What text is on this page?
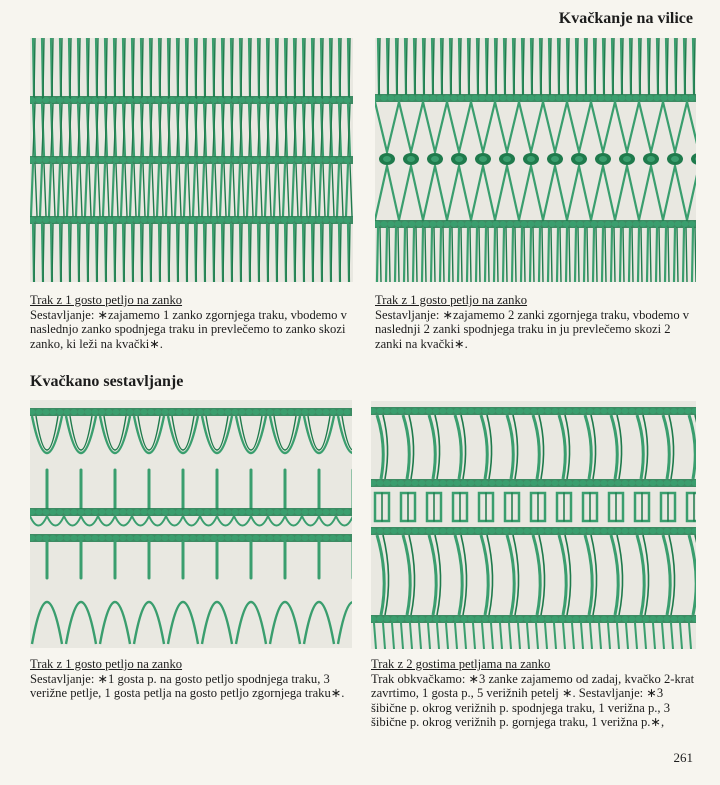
Kvačkanje na vilice
Trak z 1 gosto petljo na zanko
Sestavljanje: ∗zajamemo 1 zanko zgornjega traku, vbodemo v naslednjo zanko spodnjega traku in prevlečemo to zanko skozi zanko, ki leži na kvački∗.
Trak z 1 gosto petljo na zanko
Sestavljanje: ∗zajamemo 2 zanki zgornjega traku, vbodemo v naslednji 2 zanki spodnjega traku in ju prevlečemo skozi 2 zanki na kvački∗.
Kvačkano sestavljanje
Trak z 1 gosto petljo na zanko
Sestavljanje: ∗1 gosta p. na gosto petljo spodnjega traku, 3 verižne petlje, 1 gosta petlja na gosto petljo zgornjega traku∗.
Trak z 2 gostima petljama na zanko
Trak obkvačkamo: ∗3 zanke zajamemo od zadaj, kvačko 2-krat zavrtimo, 1 gosta p., 5 verižnih petelj ∗. Sestavljanje: ∗3 šibične p. okrog verižnih p. spodnjega traku, 1 verižna p., 3 šibične p. okrog verižnih p. gornjega traku, 1 verižna p.∗,
261
